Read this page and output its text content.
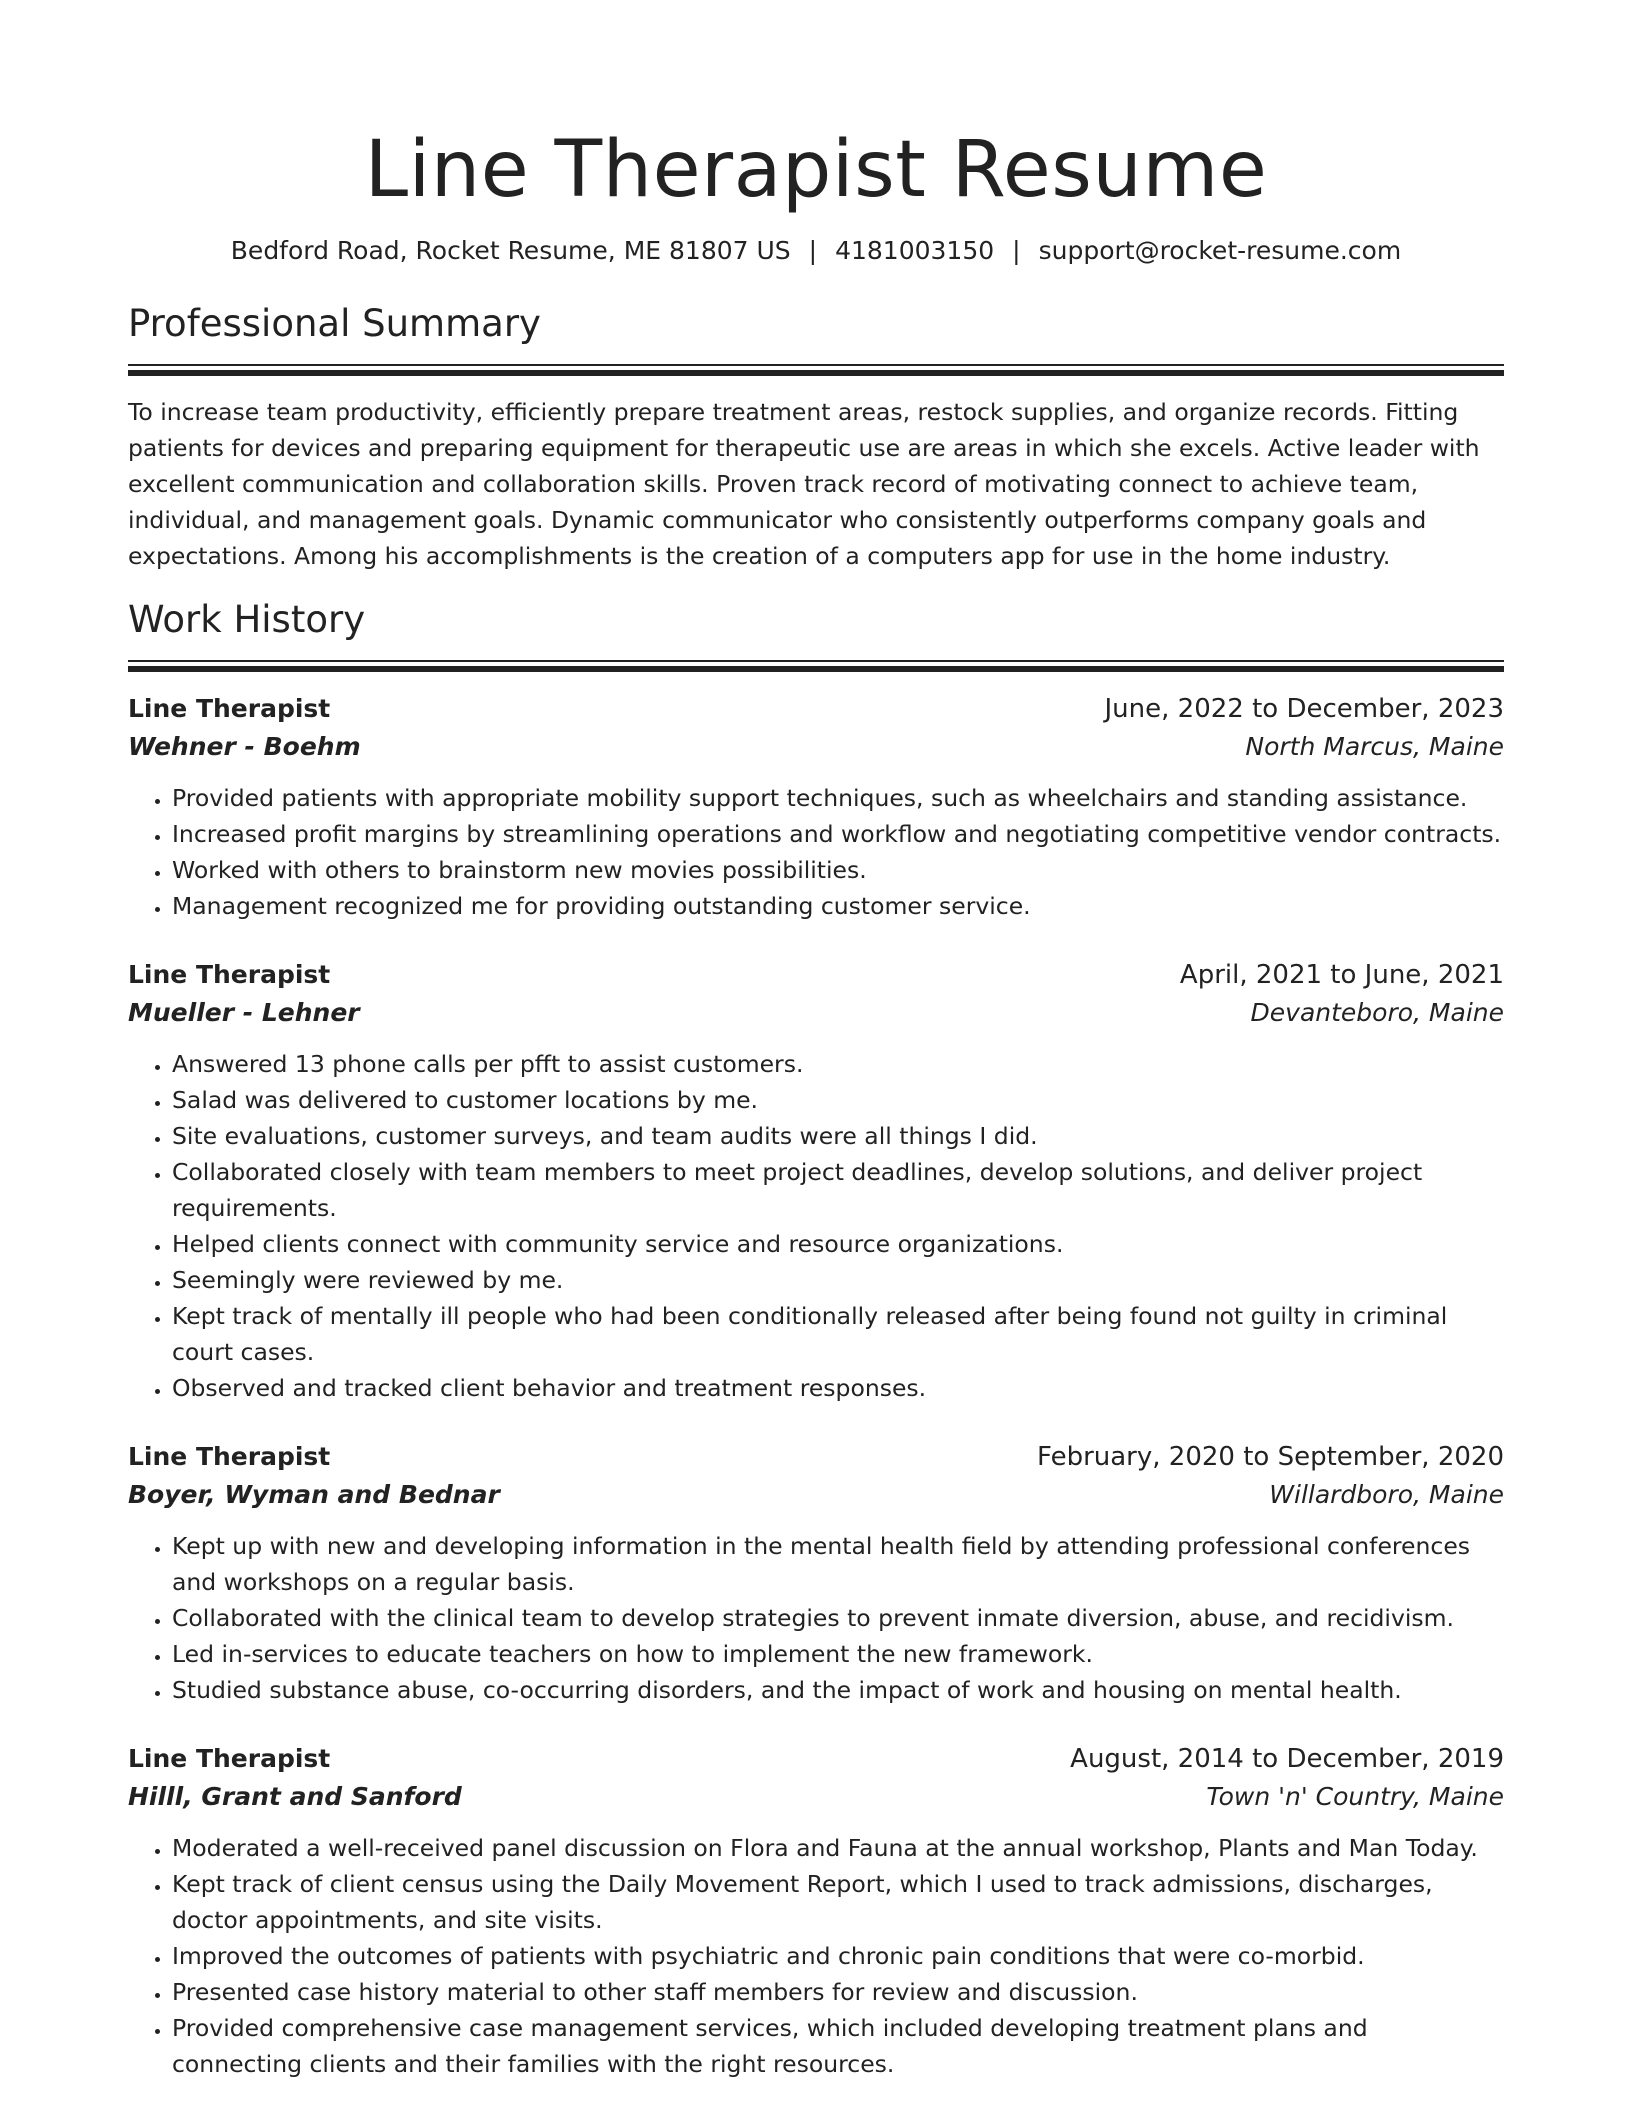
Line Therapist Resume
Bedford Road, Rocket Resume, ME 81807 US | 4181003150 | support@rocket-resume.com
Professional Summary

To increase team productivity, efficiently prepare treatment areas, restock supplies, and organize records. Fitting patients for devices and preparing equipment for therapeutic use are areas in which she excels. Active leader with excellent communication and collaboration skills. Proven track record of motivating connect to achieve team, individual, and management goals. Dynamic communicator who consistently outperforms company goals and expectations. Among his accomplishments is the creation of a computers app for use in the home industry.

Work History
Line Therapist	June, 2022 to December, 2023
Wehner - Boehm	North Marcus, Maine
• Provided patients with appropriate mobility support techniques, such as wheelchairs and standing assistance.
• Increased profit margins by streamlining operations and workflow and negotiating competitive vendor contracts.
• Worked with others to brainstorm new movies possibilities.
• Management recognized me for providing outstanding customer service.
Line Therapist	April, 2021 to June, 2021
Mueller - Lehner	Devanteboro, Maine
• Answered 13 phone calls per pfft to assist customers.
• Salad was delivered to customer locations by me.
• Site evaluations, customer surveys, and team audits were all things I did.
• Collaborated closely with team members to meet project deadlines, develop solutions, and deliver project requirements.
• Helped clients connect with community service and resource organizations.
• Seemingly were reviewed by me.
• Kept track of mentally ill people who had been conditionally released after being found not guilty in criminal court cases.
• Observed and tracked client behavior and treatment responses.
Line Therapist	February, 2020 to September, 2020
Boyer, Wyman and Bednar	Willardboro, Maine
• Kept up with new and developing information in the mental health field by attending professional conferences and workshops on a regular basis.
• Collaborated with the clinical team to develop strategies to prevent inmate diversion, abuse, and recidivism.
• Led in-services to educate teachers on how to implement the new framework.
• Studied substance abuse, co-occurring disorders, and the impact of work and housing on mental health.
Line Therapist	August, 2014 to December, 2019
Hilll, Grant and Sanford	Town 'n' Country, Maine
• Moderated a well-received panel discussion on Flora and Fauna at the annual workshop, Plants and Man Today.
• Kept track of client census using the Daily Movement Report, which I used to track admissions, discharges, doctor appointments, and site visits.
• Improved the outcomes of patients with psychiatric and chronic pain conditions that were co-morbid.
• Presented case history material to other staff members for review and discussion.
• Provided comprehensive case management services, which included developing treatment plans and connecting clients and their families with the right resources.
